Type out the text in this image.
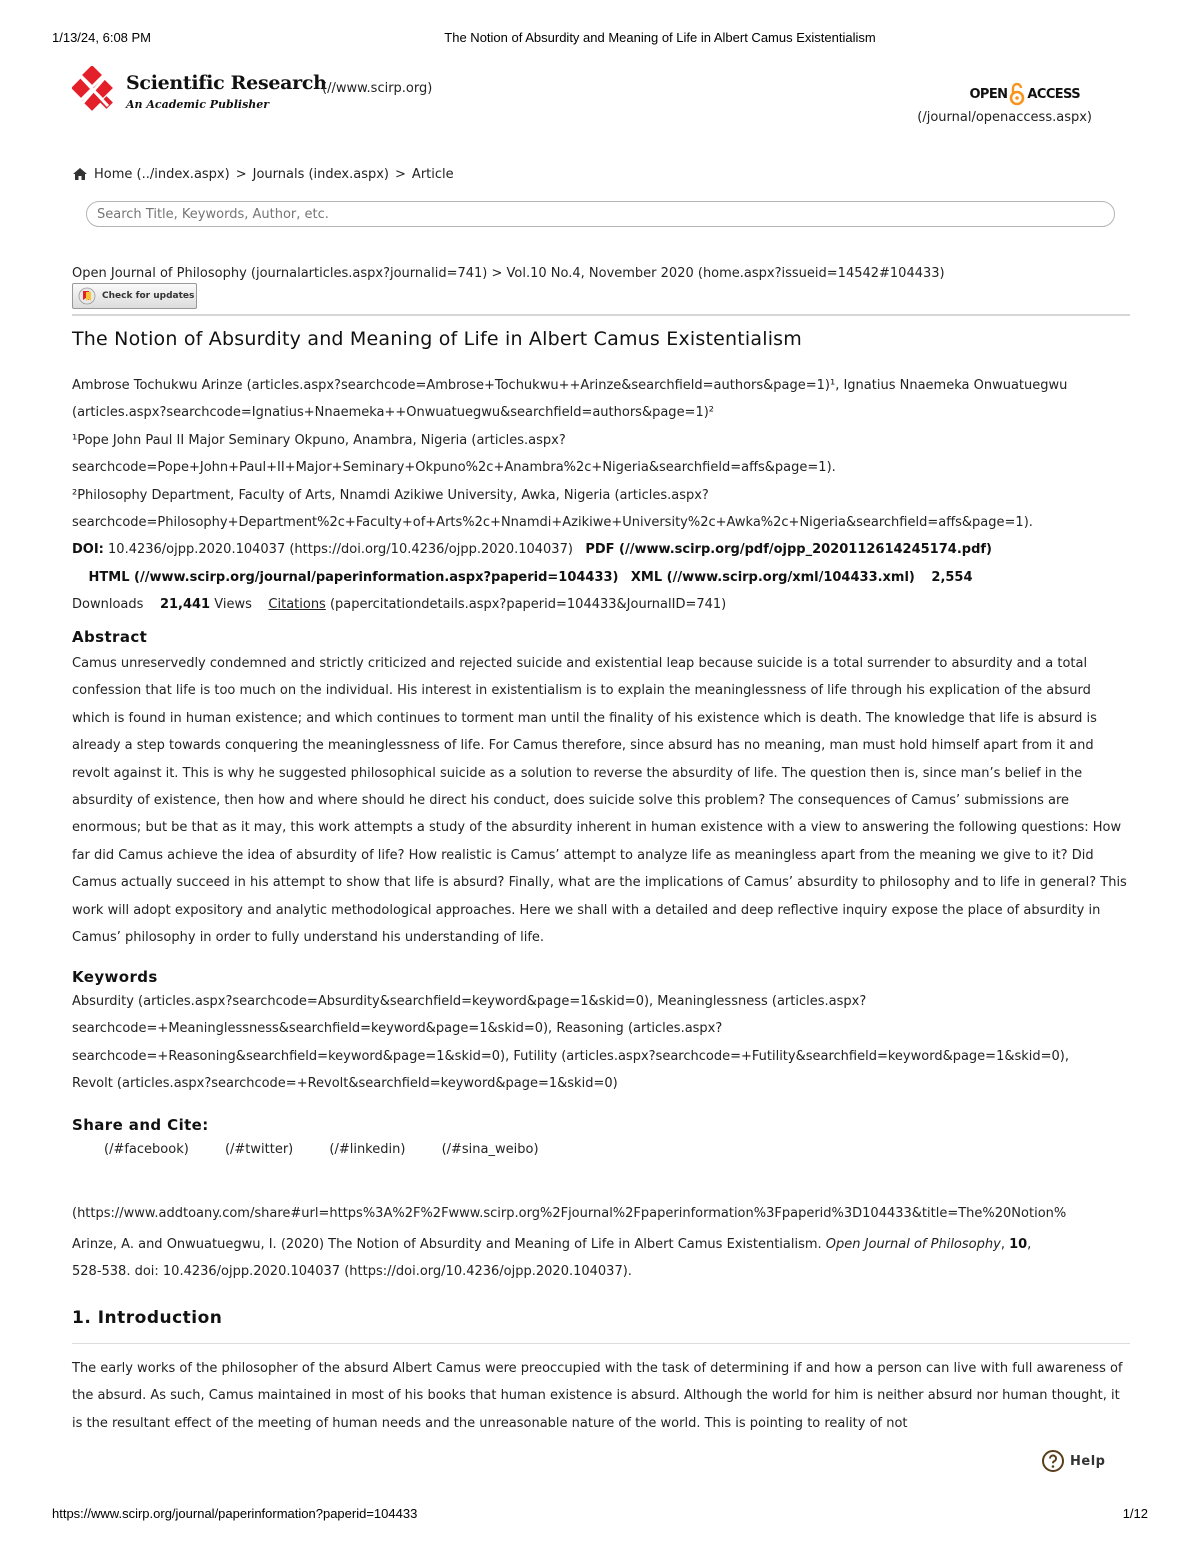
1/13/24, 6:08 PM	The Notion of Absurdity and Meaning of Life in Albert Camus Existentialism
Scientific Research
An Academic Publisher
(//www.scirp.org)	OPEN ACCESS
(/journal/openaccess.aspx)
Home (../index.aspx) > Journals (index.aspx) > Article
Search Title, Keywords, Author, etc.
Open Journal of Philosophy (journalarticles.aspx?journalid=741) > Vol.10 No.4, November 2020 (home.aspx?issueid=14542#104433)
Check for updates
The Notion of Absurdity and Meaning of Life in Albert Camus Existentialism
Ambrose Tochukwu Arinze (articles.aspx?searchcode=Ambrose+Tochukwu++Arinze&searchfield=authors&page=1)¹, Ignatius Nnaemeka Onwuatuegwu
(articles.aspx?searchcode=Ignatius+Nnaemeka++Onwuatuegwu&searchfield=authors&page=1)²
¹Pope John Paul II Major Seminary Okpuno, Anambra, Nigeria (articles.aspx?
searchcode=Pope+John+Paul+II+Major+Seminary+Okpuno%2c+Anambra%2c+Nigeria&searchfield=affs&page=1).
²Philosophy Department, Faculty of Arts, Nnamdi Azikiwe University, Awka, Nigeria (articles.aspx?
searchcode=Philosophy+Department%2c+Faculty+of+Arts%2c+Nnamdi+Azikiwe+University%2c+Awka%2c+Nigeria&searchfield=affs&page=1).
DOI: 10.4236/ojpp.2020.104037 (https://doi.org/10.4236/ojpp.2020.104037) PDF (//www.scirp.org/pdf/ojpp_2020112614245174.pdf)
HTML (//www.scirp.org/journal/paperinformation.aspx?paperid=104433) XML (//www.scirp.org/xml/104433.xml) 2,554
Downloads 21,441 Views Citations (papercitationdetails.aspx?paperid=104433&JournalID=741)
Abstract

Camus unreservedly condemned and strictly criticized and rejected suicide and existential leap because suicide is a total surrender to absurdity and a total confession that life is too much on the individual. His interest in existentialism is to explain the meaninglessness of life through his explication of the absurd which is found in human existence; and which continues to torment man until the finality of his existence which is death. The knowledge that life is absurd is already a step towards conquering the meaninglessness of life. For Camus therefore, since absurd has no meaning, man must hold himself apart from it and revolt against it. This is why he suggested philosophical suicide as a solution to reverse the absurdity of life. The question then is, since man’s belief in the absurdity of existence, then how and where should he direct his conduct, does suicide solve this problem? The consequences of Camus’ submissions are enormous; but be that as it may, this work attempts a study of the absurdity inherent in human existence with a view to answering the following questions: How far did Camus achieve the idea of absurdity of life? How realistic is Camus’ attempt to analyze life as meaningless apart from the meaning we give to it? Did Camus actually succeed in his attempt to show that life is absurd? Finally, what are the implications of Camus’ absurdity to philosophy and to life in general? This work will adopt expository and analytic methodological approaches. Here we shall with a detailed and deep reflective inquiry expose the place of absurdity in Camus’ philosophy in order to fully understand his understanding of life.

Keywords
Absurdity (articles.aspx?searchcode=Absurdity&searchfield=keyword&page=1&skid=0), Meaninglessness (articles.aspx?
searchcode=+Meaninglessness&searchfield=keyword&page=1&skid=0), Reasoning (articles.aspx?
searchcode=+Reasoning&searchfield=keyword&page=1&skid=0), Futility (articles.aspx?searchcode=+Futility&searchfield=keyword&page=1&skid=0),
Revolt (articles.aspx?searchcode=+Revolt&searchfield=keyword&page=1&skid=0)
Share and Cite:
(/#facebook)	(/#twitter)	(/#linkedin)	(/#sina_weibo)
(https://www.addtoany.com/share#url=https%3A%2F%2Fwww.scirp.org%2Fjournal%2Fpaperinformation%3Fpaperid%3D104433&title=The%20Notion%
Arinze, A. and Onwuatuegwu, I. (2020) The Notion of Absurdity and Meaning of Life in Albert Camus Existentialism. Open Journal of Philosophy, 10,
528-538. doi: 10.4236/ojpp.2020.104037 (https://doi.org/10.4236/ojpp.2020.104037).
1. Introduction

The early works of the philosopher of the absurd Albert Camus were preoccupied with the task of determining if and how a person can live with full awareness of the absurd. As such, Camus maintained in most of his books that human existence is absurd. Although the world for him is neither absurd nor human thought, it is the resultant effect of the meeting of human needs and the unreasonable nature of the world. This is pointing to reality of not

Help
https://www.scirp.org/journal/paperinformation?paperid=104433	1/12
